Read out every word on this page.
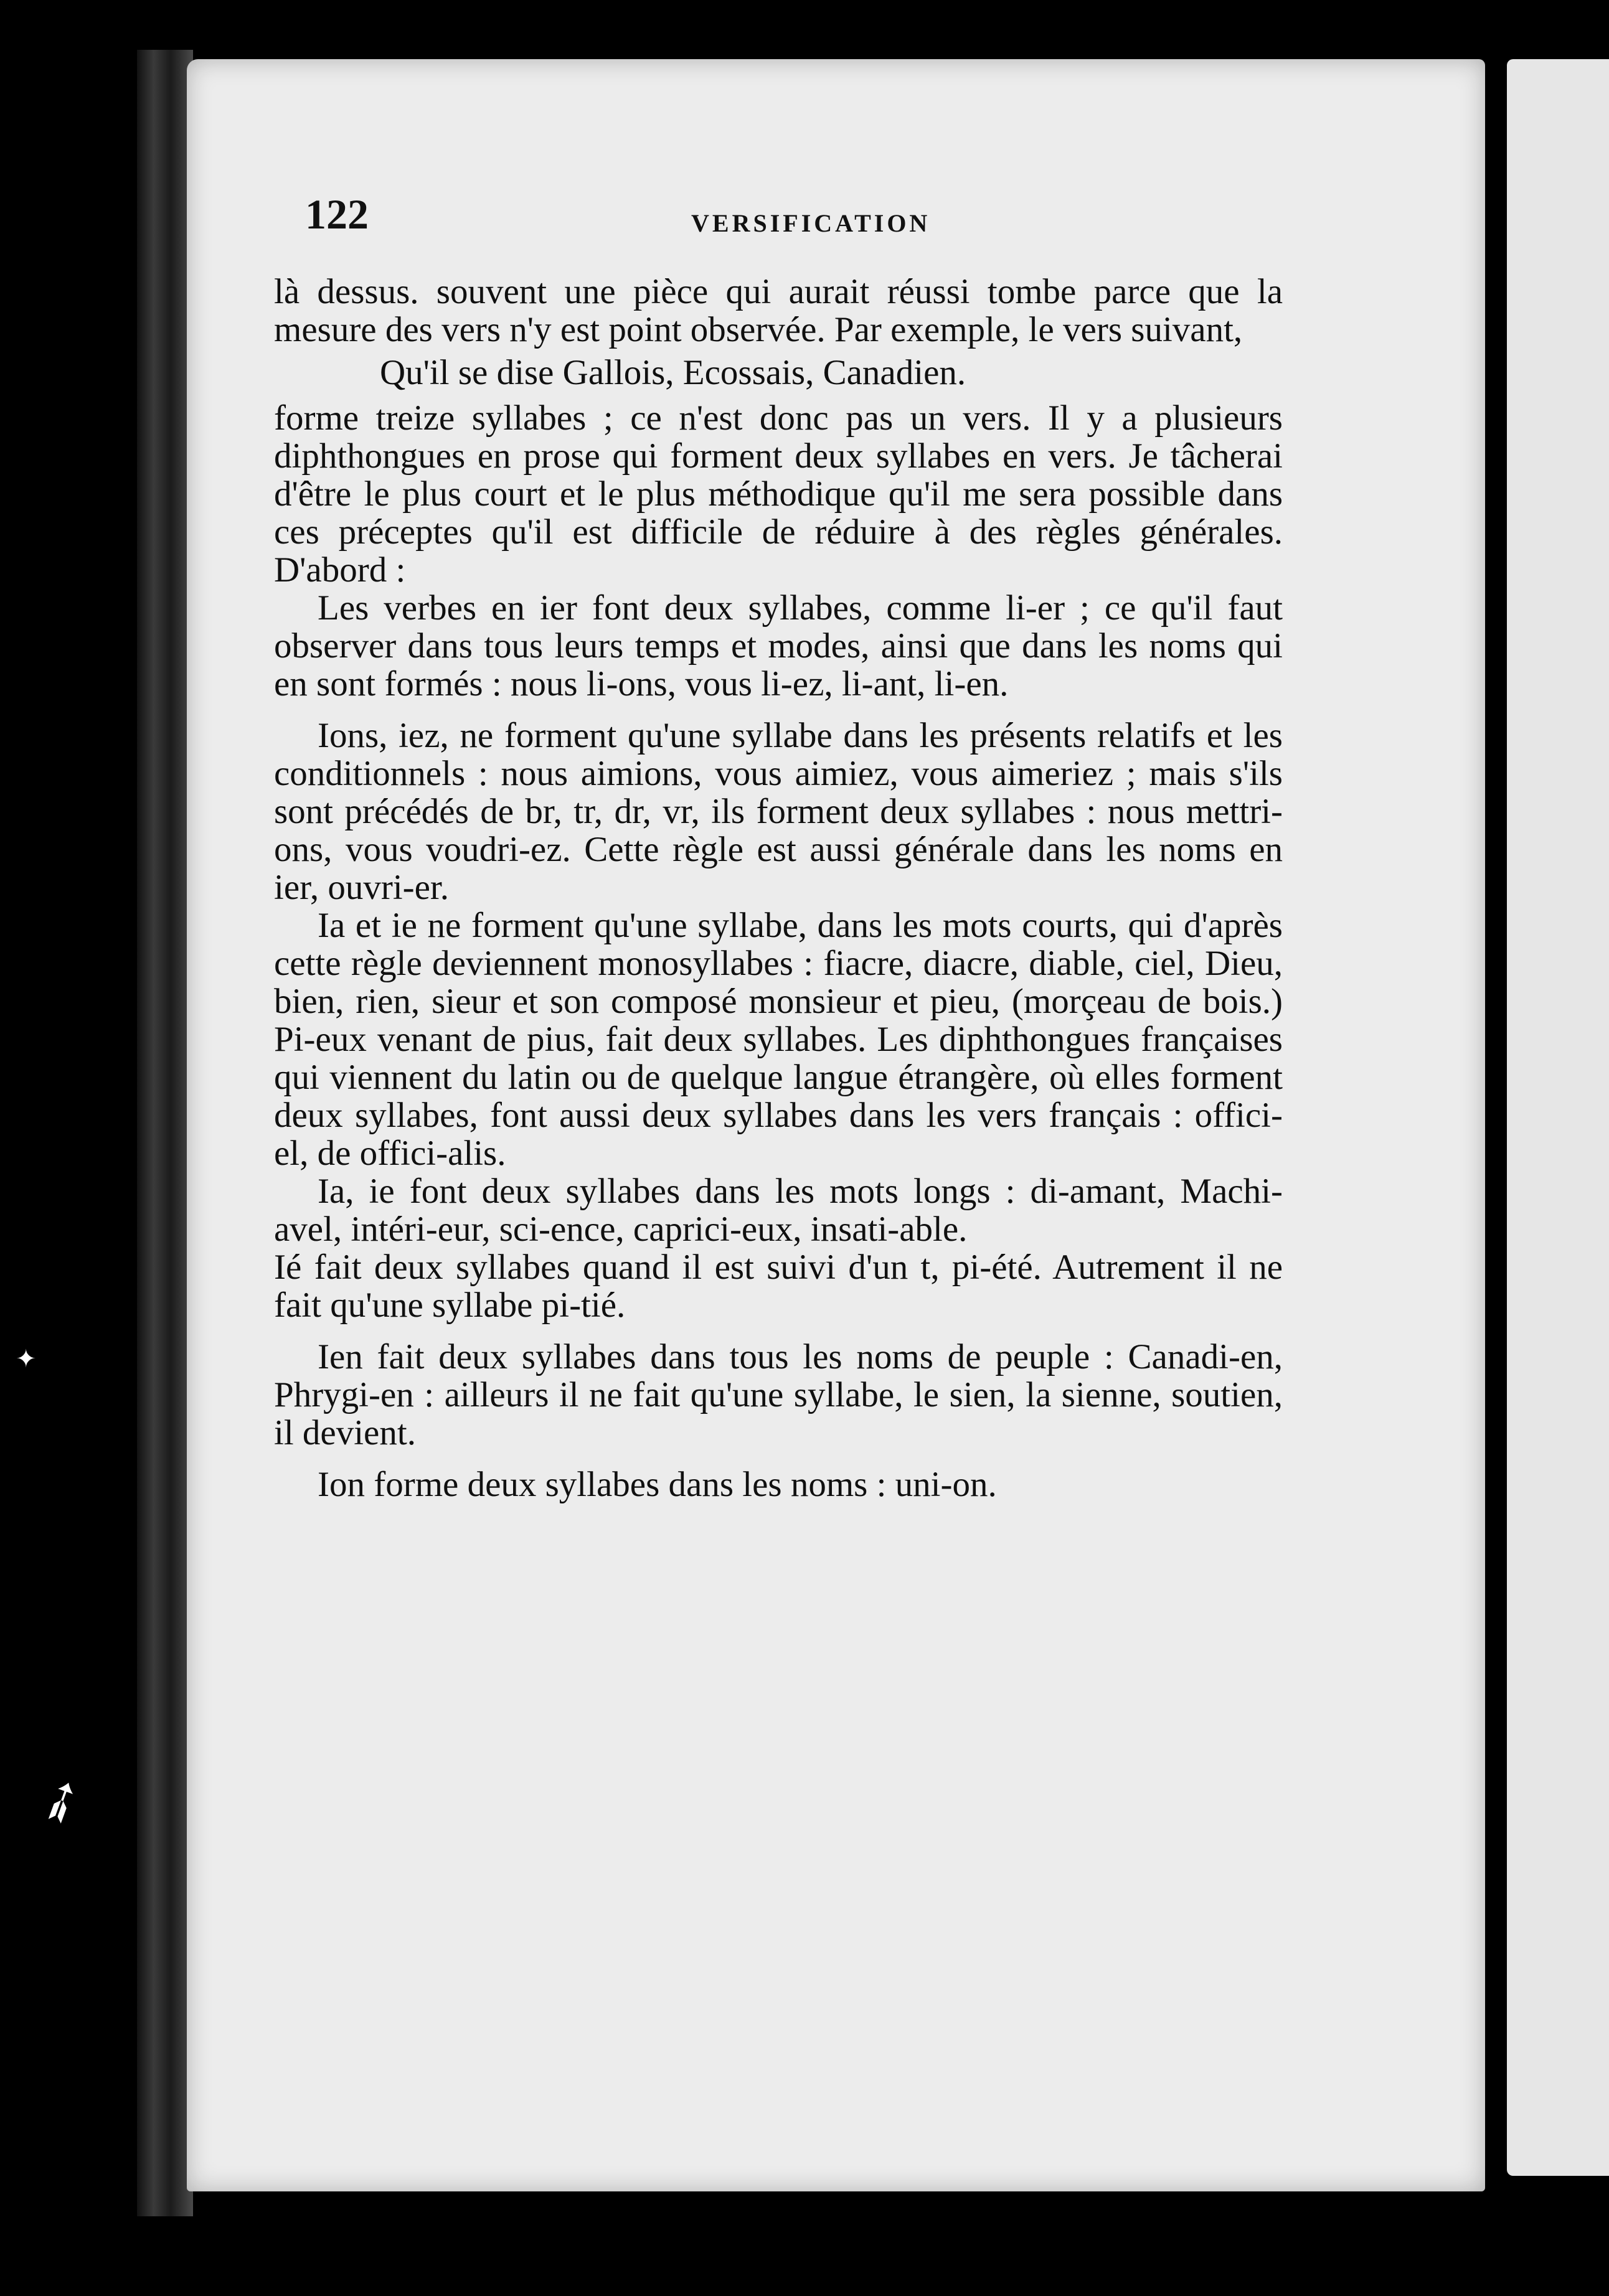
122	VERSIFICATION

là dessus. souvent une pièce qui aurait réussi tombe parce que la mesure des vers n'y est point observée. Par exemple, le vers suivant,

Qu'il se dise Gallois, Ecossais, Canadien.

forme treize syllabes ; ce n'est donc pas un vers. Il y a plusieurs diphthongues en prose qui forment deux syllabes en vers. Je tâcherai d'être le plus court et le plus méthodique qu'il me sera possible dans ces préceptes qu'il est difficile de réduire à des règles générales. D'abord :

Les verbes en ier font deux syllabes, comme li-er ; ce qu'il faut observer dans tous leurs temps et modes, ainsi que dans les noms qui en sont formés : nous li-ons, vous li-ez, li-ant, li-en.

Ions, iez, ne forment qu'une syllabe dans les présents relatifs et les conditionnels : nous aimions, vous aimiez, vous aimeriez ; mais s'ils sont précédés de br, tr, dr, vr, ils forment deux syllabes : nous mettri-ons, vous voudri-ez. Cette règle est aussi générale dans les noms en ier, ouvri-er.

Ia et ie ne forment qu'une syllabe, dans les mots courts, qui d'après cette règle deviennent monosyllabes : fiacre, diacre, diable, ciel, Dieu, bien, rien, sieur et son composé monsieur et pieu, (morçeau de bois.) Pi-eux venant de pius, fait deux syllabes. Les diphthongues françaises qui viennent du latin ou de quelque langue étrangère, où elles forment deux syllabes, font aussi deux syllabes dans les vers français : offici-el, de offici-alis.

Ia, ie font deux syllabes dans les mots longs : di-amant, Machi-avel, intéri-eur, sci-ence, caprici-eux, insati-able.

Ié fait deux syllabes quand il est suivi d'un t, pi-été. Autrement il ne fait qu'une syllabe pi-tié.

Ien fait deux syllabes dans tous les noms de peuple : Canadi-en, Phrygi-en : ailleurs il ne fait qu'une syllabe, le sien, la sienne, soutien, il devient.

Ion forme deux syllabes dans les noms : uni-on.

✦
➶
